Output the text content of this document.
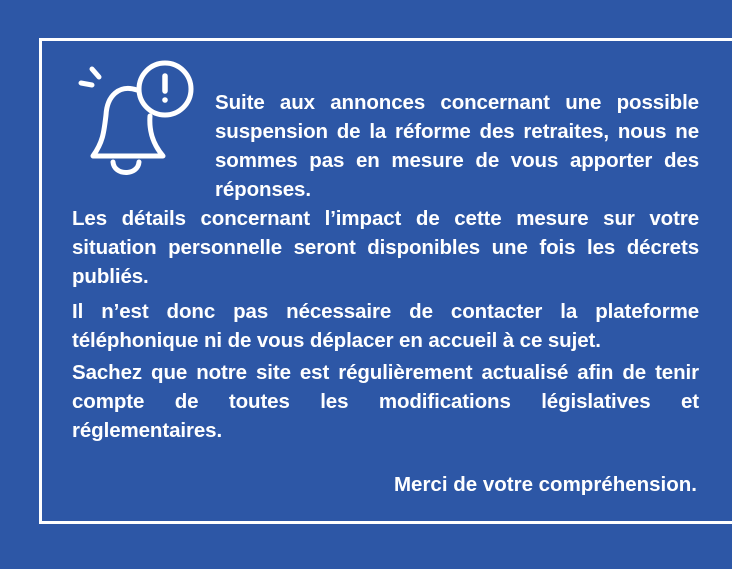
Suite aux annonces concernant une possible suspension de la réforme des retraites, nous ne sommes pas en mesure de vous apporter des réponses.

Les détails concernant l’impact de cette mesure sur votre situation personnelle seront disponibles une fois les décrets publiés.

Il n’est donc pas nécessaire de contacter la plateforme téléphonique ni de vous déplacer en accueil à ce sujet.

Sachez que notre site est régulièrement actualisé afin de tenir compte de toutes les modifications législatives et réglementaires.

Merci de votre compréhension.
